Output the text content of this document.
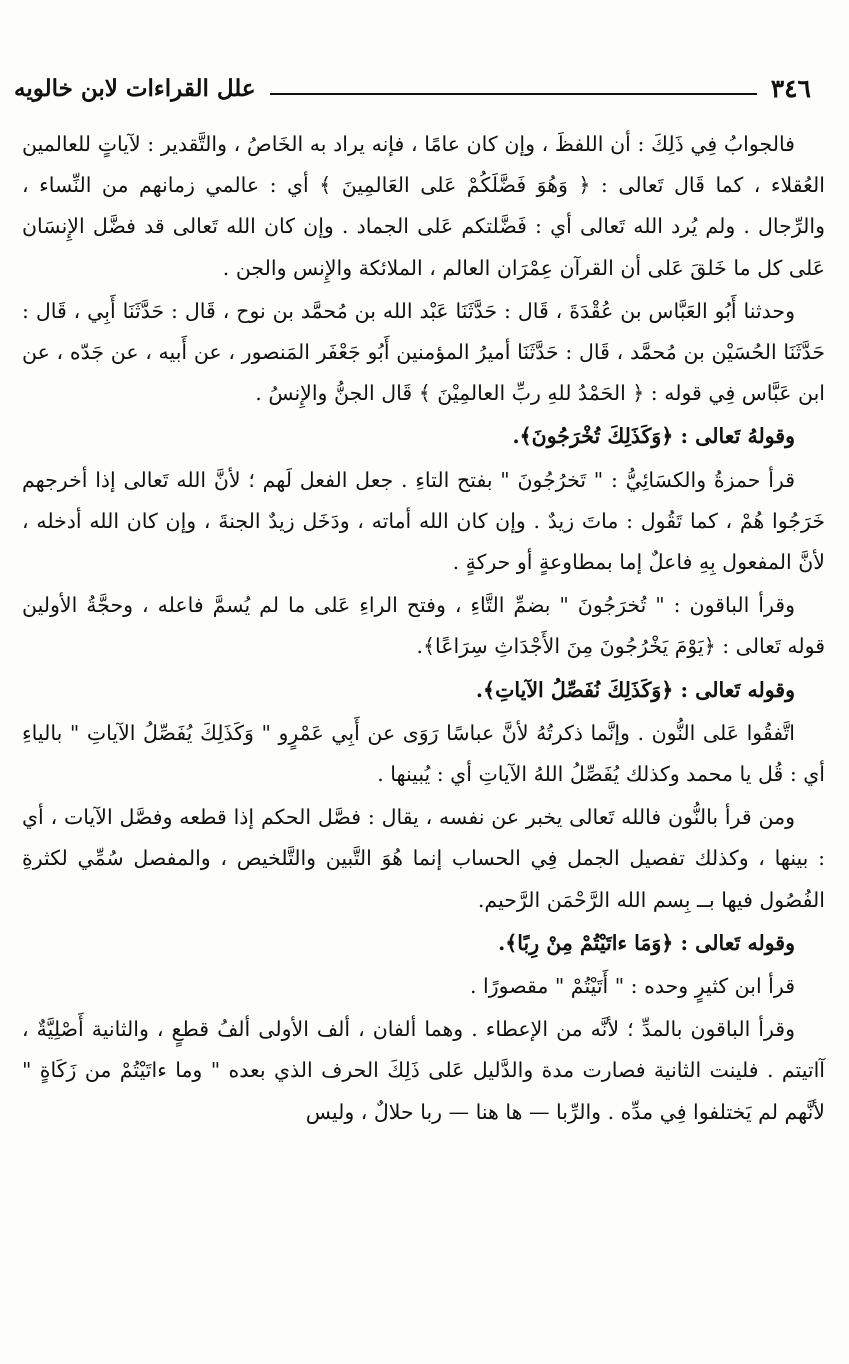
٣٤٦
علل القراءات لابن خالويه

فالجوابُ فِي ذَلِكَ : أن اللفظَ ، وإن كان عامًا ، فإنه يراد به الخَاصُ ، والتَّقدير : لآياتٍ للعالمين العُقلاء ، كما قَال تَعالى : ﴿ وَهُوَ فَضَّلَكُمْ عَلى العَالمِينَ ﴾ أي : عالمي زمانهم من النِّساء ، والرِّجال . ولم يُرد الله تَعالى أي : فَضَّلتكم عَلى الجماد . وإن كان الله تَعالى قد فضَّل الإِنسَان عَلى كل ما خَلقَ عَلى أن القرآن عِمْرَان العالم ، الملائكة والإِنس والجن .

وحدثنا أَبُو العَبَّاس بن عُقْدَةَ ، قَال : حَدَّثَنَا عَبْد الله بن مُحمَّد بن نوح ، قَال : حَدَّثَنَا أَبِي ، قَال : حَدَّثَنَا الحُسَيْن بن مُحمَّد ، قَال : حَدَّثَنَا أميرُ المؤمنين أَبُو جَعْفَر المَنصور ، عن أَبيه ، عن جَدّه ، عن ابن عَبَّاس فِي قوله : ﴿ الحَمْدُ للهِ ربِّ العالمِيْنَ ﴾ قَال الجنُّ والإِنسُ .

وقولهُ تَعالى : ﴿وَكَذَلِكَ تُخْرَجُونَ﴾.

قرأ حمزةُ والكسَائِيُّ : " تَخرُجُونَ " بفتح التاءِ . جعل الفعل لَهم ؛ لأنَّ الله تَعالى إذا أخرجهم خَرَجُوا هُمْ ، كما تَقُول : ماتَ زيدٌ . وإن كان الله أماته ، ودَخَل زيدٌ الجنةَ ، وإن كان الله أدخله ، لأنَّ المفعول بِهِ فاعلٌ إما بمطاوعةٍ أو حركةٍ .

وقرأ الباقون : " تُخرَجُونَ " بضمِّ التَّاءِ ، وفتح الراءِ عَلى ما لم يُسمَّ فاعله ، وحجَّةُ الأولين قوله تَعالى : ﴿يَوْمَ يَخْرُجُونَ مِنَ الأَجْدَاثِ سِرَاعًا﴾.

وقوله تَعالى : ﴿وَكَذَلِكَ نُفَصِّلُ الآياتِ﴾.

اتَّفقُوا عَلى النُّون . وإنَّما ذكرتُهُ لأنَّ عباسًا رَوَى عن أَبِي عَمْرٍو " وَكَذَلِكَ يُفَصِّلُ الآياتِ " بالياءِ أي : قُل يا محمد وكذلك يُفَصِّلُ اللهُ الآياتِ أي : يُبينها .

ومن قرأ بالنُّون فالله تَعالى يخبر عن نفسه ، يقال : فصَّل الحكم إذا قطعه وفصَّل الآيات ، أي : بينها ، وكذلك تفصيل الجمل فِي الحساب إنما هُوَ التَّبين والتَّلخيص ، والمفصل سُمِّي لكثرةِ الفُصُول فيها بــ بِسم الله الرَّحْمَن الرَّحيم.

وقوله تَعالى : ﴿وَمَا ءاتَيْتُمْ مِنْ رِبًا﴾.

قرأ ابن كثيرٍ وحده : " أَتَيْتُمْ " مقصورًا .

وقرأ الباقون بالمدِّ ؛ لأنَّه من الإعطاء . وهما ألفان ، ألف الأولى ألفُ قطعٍ ، والثانية أَصْلِيَّةٌ ، آاتيتم . فلينت الثانية فصارت مدة والدَّليل عَلى ذَلِكَ الحرف الذي بعده " وما ءاتَيْتُمْ من زَكَاةٍ " لأنَّهم لم يَختلفوا فِي مدِّه . والرِّبا — ها هنا — ربا حلالٌ ، وليس
